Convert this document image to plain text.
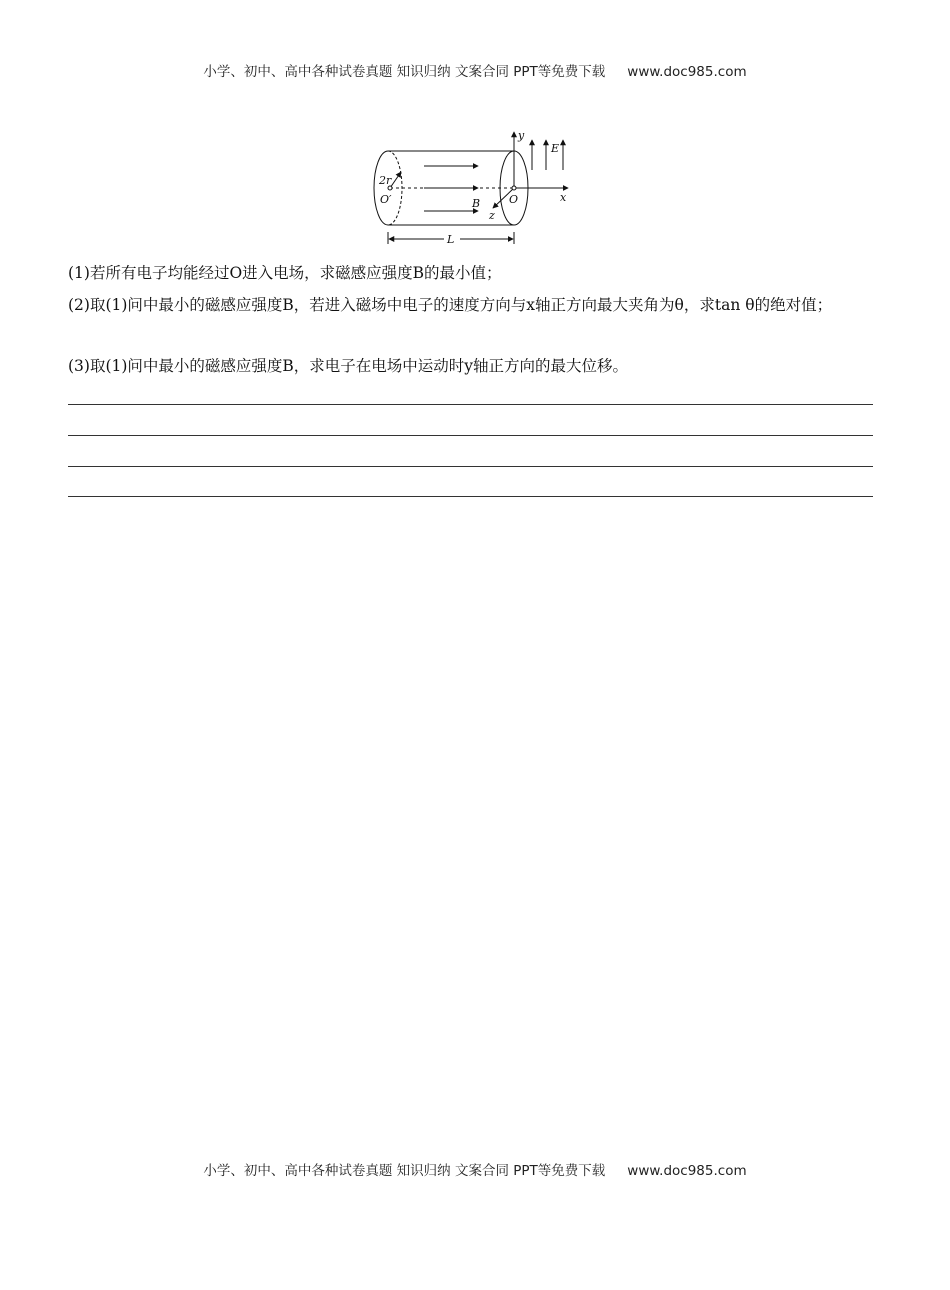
小学、初中、高中各种试卷真题 知识归纳 文案合同 PPT等免费下载 www.doc985.com
y
E
2r
O′	B	O	x
z
L
(1)若所有电子均能经过O进入电场，求磁感应强度B的最小值；
(2)取(1)问中最小的磁感应强度B，若进入磁场中电子的速度方向与x轴正方向最大夹角为θ，求tan θ的绝对值；
(3)取(1)问中最小的磁感应强度B，求电子在电场中运动时y轴正方向的最大位移。
小学、初中、高中各种试卷真题 知识归纳 文案合同 PPT等免费下载 www.doc985.com
